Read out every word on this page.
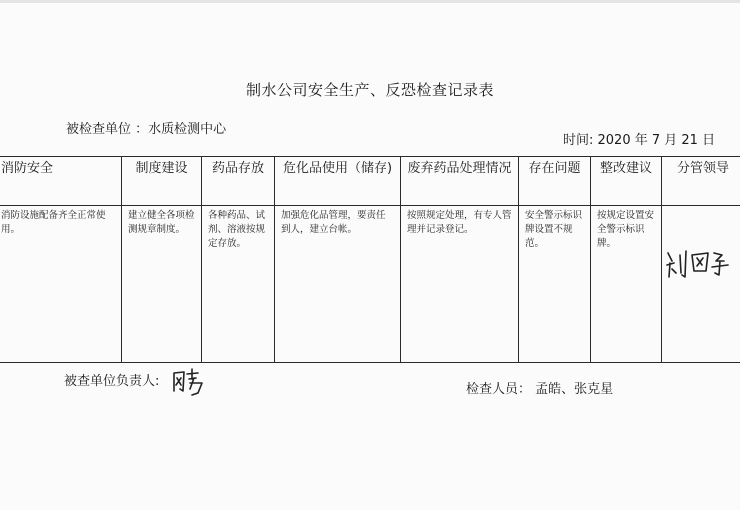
制水公司安全生产、反恐检查记录表
被检查单位 ：水质检测中心
时间: 2020 年 7 月 21 日
消防安全	制度建设	药品存放	危化品使用（储存)	废弃药品处理情况	存在问题	整改建议	分管领导

消防设施配备齐全正常使用。	建立健全各项检测规章制度。	各种药品、试剂、溶液按规定存放。	加强危化品管理，要责任到人，建立台帐。	按照规定处理，有专人管理并记录登记。	安全警示标识牌设置不规范。	按规定设置安全警示标识牌。	

被查单位负责人:
检查人员： 孟皓、张克星
